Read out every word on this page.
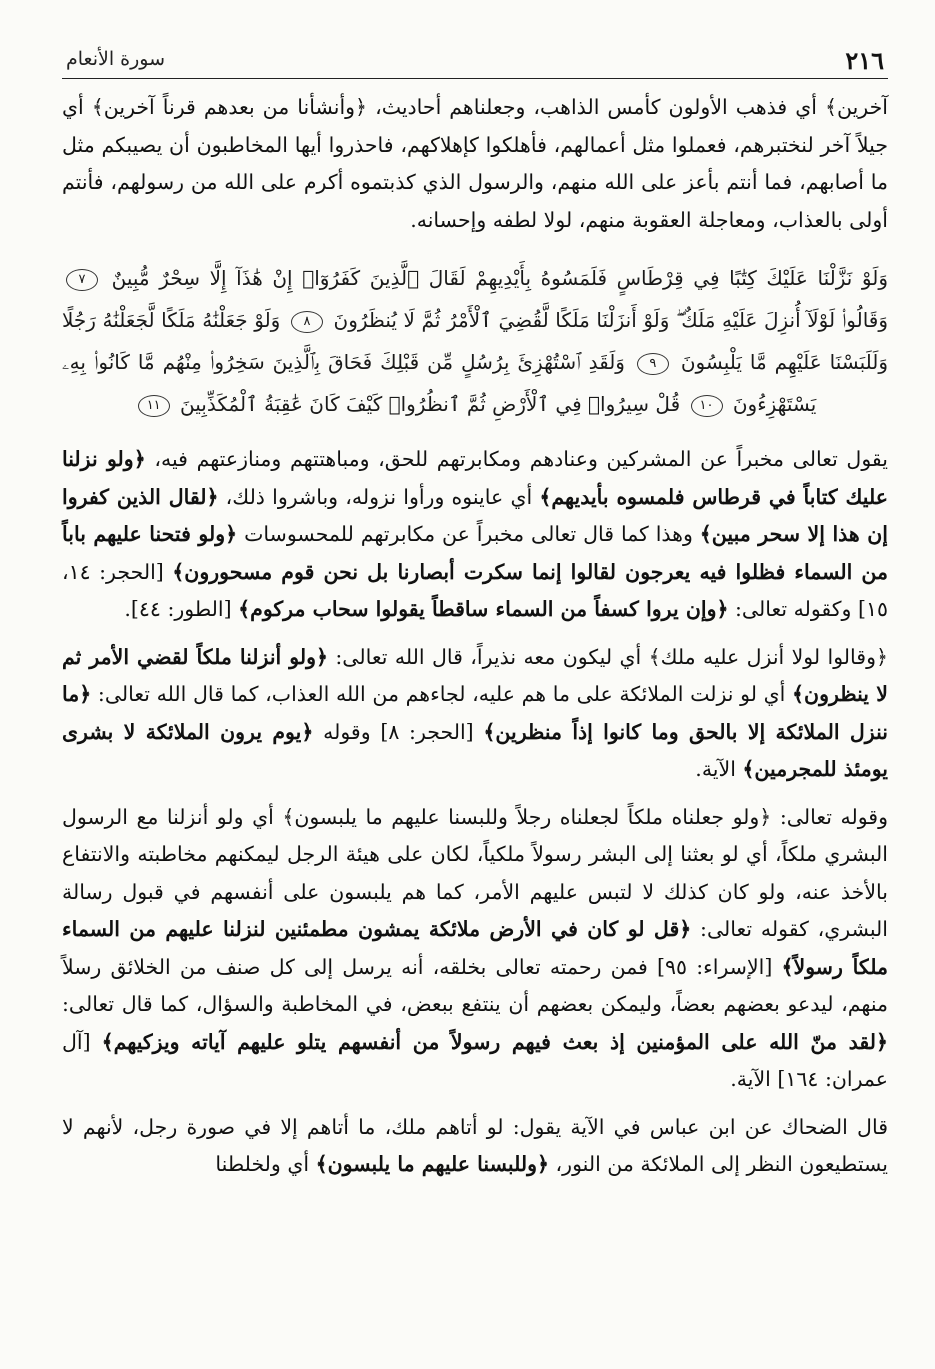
٢١٦
سورة الأنعام

آخرين﴾ أي فذهب الأولون كأمس الذاهب، وجعلناهم أحاديث، ﴿وأنشأنا من بعدهم قرناً آخرين﴾ أي جيلاً آخر لنختبرهم، فعملوا مثل أعمالهم، فأهلكوا كإهلاكهم، فاحذروا أيها المخاطبون أن يصيبكم مثل ما أصابهم، فما أنتم بأعز على الله منهم، والرسول الذي كذبتموه أكرم على الله من رسولهم، فأنتم أولى بالعذاب، ومعاجلة العقوبة منهم، لولا لطفه وإحسانه.

وَلَوْ نَزَّلْنَا عَلَيْكَ كِتَٰبًا فِي قِرْطَاسٍ فَلَمَسُوهُ بِأَيْدِيهِمْ لَقَالَ ٱلَّذِينَ كَفَرُوٓا۟ إِنْ هَٰذَآ إِلَّا سِحْرٌ مُّبِينٌ ٧ وَقَالُوا۟ لَوْلَآ أُنزِلَ عَلَيْهِ مَلَكٌ ۖ وَلَوْ أَنزَلْنَا مَلَكًا لَّقُضِيَ ٱلْأَمْرُ ثُمَّ لَا يُنظَرُونَ ٨ وَلَوْ جَعَلْنَٰهُ مَلَكًا لَّجَعَلْنَٰهُ رَجُلًا وَلَلَبَسْنَا عَلَيْهِم مَّا يَلْبِسُونَ ٩ وَلَقَدِ ٱسْتُهْزِئَ بِرُسُلٍ مِّن قَبْلِكَ فَحَاقَ بِٱلَّذِينَ سَخِرُوا۟ مِنْهُم مَّا كَانُوا۟ بِهِۦ يَسْتَهْزِءُونَ ١٠ قُلْ سِيرُوا۟ فِي ٱلْأَرْضِ ثُمَّ ٱنظُرُوا۟ كَيْفَ كَانَ عَٰقِبَةُ ٱلْمُكَذِّبِينَ ١١

يقول تعالى مخبراً عن المشركين وعنادهم ومكابرتهم للحق، ومباهتتهم ومنازعتهم فيه، ﴿ولو نزلنا عليك كتاباً في قرطاس فلمسوه بأيديهم﴾ أي عاينوه ورأوا نزوله، وباشروا ذلك، ﴿لقال الذين كفروا إن هذا إلا سحر مبين﴾ وهذا كما قال تعالى مخبراً عن مكابرتهم للمحسوسات ﴿ولو فتحنا عليهم باباً من السماء فظلوا فيه يعرجون لقالوا إنما سكرت أبصارنا بل نحن قوم مسحورون﴾ [الحجر: ١٤، ١٥] وكقوله تعالى: ﴿وإن يروا كسفاً من السماء ساقطاً يقولوا سحاب مركوم﴾ [الطور: ٤٤].

﴿وقالوا لولا أنزل عليه ملك﴾ أي ليكون معه نذيراً، قال الله تعالى: ﴿ولو أنزلنا ملكاً لقضي الأمر ثم لا ينظرون﴾ أي لو نزلت الملائكة على ما هم عليه، لجاءهم من الله العذاب، كما قال الله تعالى: ﴿ما ننزل الملائكة إلا بالحق وما كانوا إذاً منظرين﴾ [الحجر: ٨] وقوله ﴿يوم يرون الملائكة لا بشرى يومئذ للمجرمين﴾ الآية.

وقوله تعالى: ﴿ولو جعلناه ملكاً لجعلناه رجلاً وللبسنا عليهم ما يلبسون﴾ أي ولو أنزلنا مع الرسول البشري ملكاً، أي لو بعثنا إلى البشر رسولاً ملكياً، لكان على هيئة الرجل ليمكنهم مخاطبته والانتفاع بالأخذ عنه، ولو كان كذلك لا لتبس عليهم الأمر، كما هم يلبسون على أنفسهم في قبول رسالة البشري، كقوله تعالى: ﴿قل لو كان في الأرض ملائكة يمشون مطمئنين لنزلنا عليهم من السماء ملكاً رسولاً﴾ [الإسراء: ٩٥] فمن رحمته تعالى بخلقه، أنه يرسل إلى كل صنف من الخلائق رسلاً منهم، ليدعو بعضهم بعضاً، وليمكن بعضهم أن ينتفع ببعض، في المخاطبة والسؤال، كما قال تعالى: ﴿لقد منّ الله على المؤمنين إذ بعث فيهم رسولاً من أنفسهم يتلو عليهم آياته ويزكيهم﴾ [آل عمران: ١٦٤] الآية.

قال الضحاك عن ابن عباس في الآية يقول: لو أتاهم ملك، ما أتاهم إلا في صورة رجل، لأنهم لا يستطيعون النظر إلى الملائكة من النور، ﴿وللبسنا عليهم ما يلبسون﴾ أي ولخلطنا
